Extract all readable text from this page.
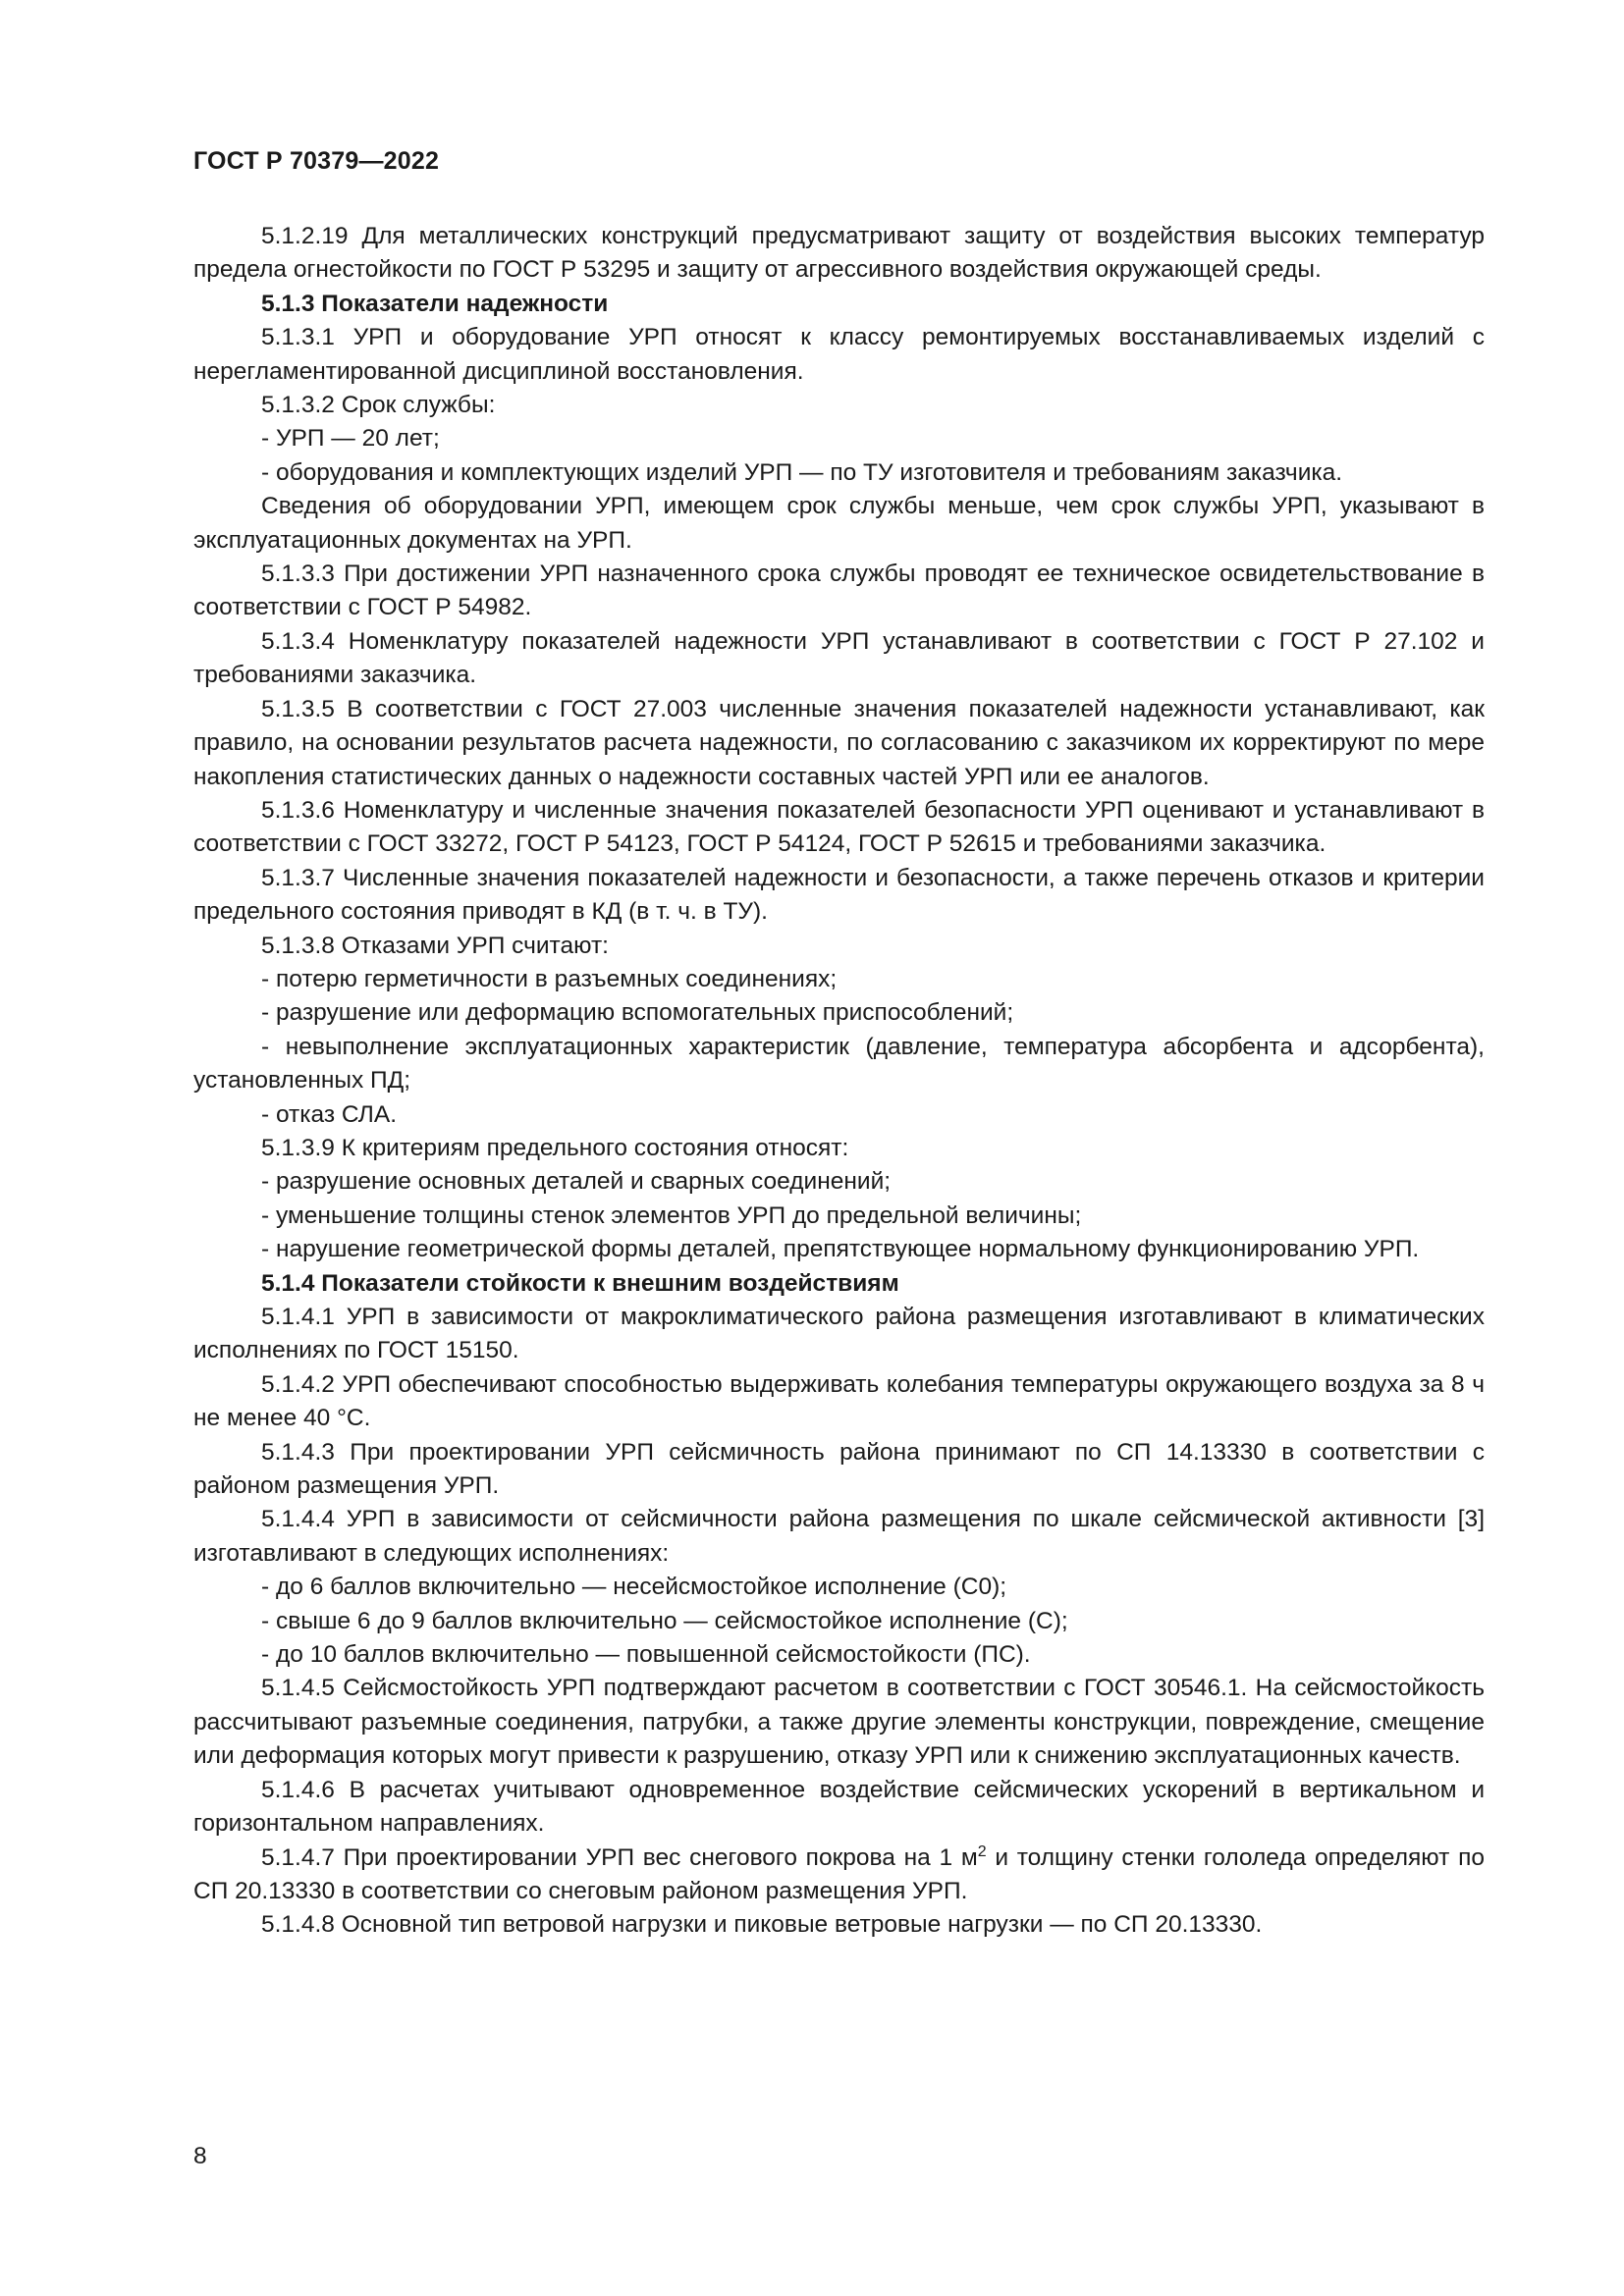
ГОСТ Р 70379—2022

5.1.2.19 Для металлических конструкций предусматривают защиту от воздействия высоких температур предела огнестойкости по ГОСТ Р 53295 и защиту от агрессивного воздействия окружающей среды.

5.1.3 Показатели надежности

5.1.3.1 УРП и оборудование УРП относят к классу ремонтируемых восстанавливаемых изделий с нерегламентированной дисциплиной восстановления.

5.1.3.2 Срок службы:

- УРП — 20 лет;

- оборудования и комплектующих изделий УРП — по ТУ изготовителя и требованиям заказчика.

Сведения об оборудовании УРП, имеющем срок службы меньше, чем срок службы УРП, указывают в эксплуатационных документах на УРП.

5.1.3.3 При достижении УРП назначенного срока службы проводят ее техническое освидетельствование в соответствии с ГОСТ Р 54982.

5.1.3.4 Номенклатуру показателей надежности УРП устанавливают в соответствии с ГОСТ Р 27.102 и требованиями заказчика.

5.1.3.5 В соответствии с ГОСТ 27.003 численные значения показателей надежности устанавливают, как правило, на основании результатов расчета надежности, по согласованию с заказчиком их корректируют по мере накопления статистических данных о надежности составных частей УРП или ее аналогов.

5.1.3.6 Номенклатуру и численные значения показателей безопасности УРП оценивают и устанавливают в соответствии с ГОСТ 33272, ГОСТ Р 54123, ГОСТ Р 54124, ГОСТ Р 52615 и требованиями заказчика.

5.1.3.7 Численные значения показателей надежности и безопасности, а также перечень отказов и критерии предельного состояния приводят в КД (в т. ч. в ТУ).

5.1.3.8 Отказами УРП считают:

- потерю герметичности в разъемных соединениях;

- разрушение или деформацию вспомогательных приспособлений;

- невыполнение эксплуатационных характеристик (давление, температура абсорбента и адсорбента), установленных ПД;

- отказ СЛА.

5.1.3.9 К критериям предельного состояния относят:

- разрушение основных деталей и сварных соединений;

- уменьшение толщины стенок элементов УРП до предельной величины;

- нарушение геометрической формы деталей, препятствующее нормальному функционированию УРП.

5.1.4 Показатели стойкости к внешним воздействиям

5.1.4.1 УРП в зависимости от макроклиматического района размещения изготавливают в климатических исполнениях по ГОСТ 15150.

5.1.4.2 УРП обеспечивают способностью выдерживать колебания температуры окружающего воздуха за 8 ч не менее 40 °С.

5.1.4.3 При проектировании УРП сейсмичность района принимают по СП 14.13330 в соответствии с районом размещения УРП.

5.1.4.4 УРП в зависимости от сейсмичности района размещения по шкале сейсмической активности [3] изготавливают в следующих исполнениях:

- до 6 баллов включительно — несейсмостойкое исполнение (С0);

- свыше 6 до 9 баллов включительно — сейсмостойкое исполнение (С);

- до 10 баллов включительно — повышенной сейсмостойкости (ПС).

5.1.4.5 Сейсмостойкость УРП подтверждают расчетом в соответствии с ГОСТ 30546.1. На сейсмостойкость рассчитывают разъемные соединения, патрубки, а также другие элементы конструкции, повреждение, смещение или деформация которых могут привести к разрушению, отказу УРП или к снижению эксплуатационных качеств.

5.1.4.6 В расчетах учитывают одновременное воздействие сейсмических ускорений в вертикальном и горизонтальном направлениях.

5.1.4.7 При проектировании УРП вес снегового покрова на 1 $м^2$ и толщину стенки гололеда определяют по СП 20.13330 в соответствии со снеговым районом размещения УРП.

5.1.4.8 Основной тип ветровой нагрузки и пиковые ветровые нагрузки — по СП 20.13330.

8
